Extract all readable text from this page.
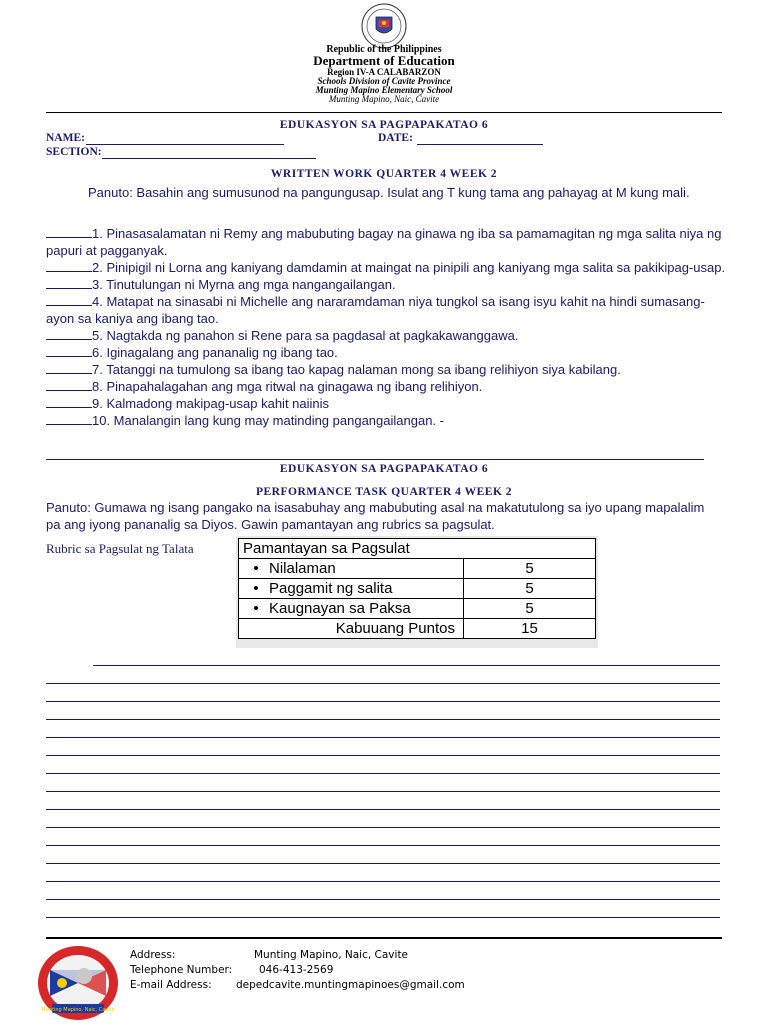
Republic of the Philippines
Department of Education
Region IV-A CALABARZON
Schools Division of Cavite Province
Munting Mapino Elementary School
Munting Mapino, Naic, Cavite
EDUKASYON SA PAGPAPAKATAO 6
NAME:	DATE:
SECTION:
WRITTEN WORK QUARTER 4 WEEK 2
Panuto: Basahin ang sumusunod na pangungusap. Isulat ang T kung tama ang pahayag at M kung mali.
1. Pinasasalamatan ni Remy ang mabubuting bagay na ginawa ng iba sa pamamagitan ng mga salita niya ng papuri at pagganyak.
2. Pinipigil ni Lorna ang kaniyang damdamin at maingat na pinipili ang kaniyang mga salita sa pakikipag-usap.
3. Tinutulungan ni Myrna ang mga nangangailangan.
4. Matapat na sinasabi ni Michelle ang nararamdaman niya tungkol sa isang isyu kahit na hindi sumasang-ayon sa kaniya ang ibang tao.
5. Nagtakda ng panahon si Rene para sa pagdasal at pagkakawanggawa.
6. Iginagalang ang pananalig ng ibang tao.
7. Tatanggi na tumulong sa ibang tao kapag nalaman mong sa ibang relihiyon siya kabilang.
8. Pinapahalagahan ang mga ritwal na ginagawa ng ibang relihiyon.
9. Kalmadong makipag-usap kahit naiinis
10. Manalangin lang kung may matinding pangangailangan. -
EDUKASYON SA PAGPAPAKATAO 6
PERFORMANCE TASK QUARTER 4 WEEK 2
Panuto: Gumawa ng isang pangako na isasabuhay ang mabubuting asal na makatutulong sa iyo upang mapalalim pa ang iyong pananalig sa Diyos. Gawin pamantayan ang rubrics sa pagsulat.
Rubric sa Pagsulat ng Talata	Pamantayan sa Pagsulat	
• Nilalaman	5
• Paggamit ng salita	5
• Kaugnayan sa Paksa	5
Kabuuang Puntos	15
Munting Mapino, Naic, Cavite
Address:	Munting Mapino, Naic, Cavite
Telephone Number:	046-413-2569
E-mail Address: depedcavite.muntingmapinoes@gmail.com
